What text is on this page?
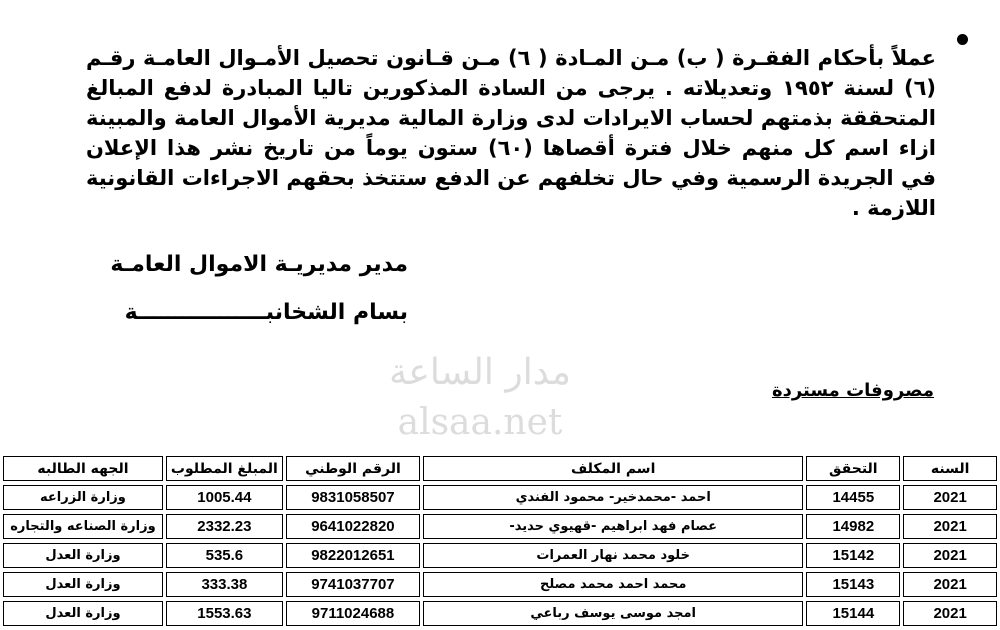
عملاً بأحكام الفقـرة ( ب) مـن المـادة ( ٦) مـن قـانون تحصيل الأمـوال العامـة رقـم (٦) لسنة ١٩٥٢ وتعديلاته . يرجى من السادة المذكورين تاليا المبادرة لدفع المبالغ المتحققة بذمتهم لحساب الايرادات لدى وزارة المالية مديرية الأموال العامة والمبينة ازاء اسم كل منهم خلال فترة أقصاها (٦٠) ستون يوماً من تاريخ نشر هذا الإعلان في الجريدة الرسمية وفي حال تخلفهم عن الدفع ستتخذ بحقهم الاجراءات القانونية اللازمة .

مدير مديريـة الاموال العامـة
بسام الشخانبـــــــــــــــــة
مدار الساعة
alsaa.net
مصروفات مستردة
السنه	التحقق	اسم المكلف	الرقم الوطني	المبلغ المطلوب	الجهه الطالبه
2021	14455	احمد -محمدخير- محمود الفندي	9831058507	1005.44	وزارة الزراعه
2021	14982	عصام فهد ابراهيم -قهيوي حديد-	9641022820	2332.23	وزارة الصناعه والتجاره
2021	15142	خلود محمد نهار العمرات	9822012651	535.6	وزارة العدل
2021	15143	محمد احمد محمد مصلح	9741037707	333.38	وزارة العدل
2021	15144	امجد موسى يوسف رباعي	9711024688	1553.63	وزارة العدل
